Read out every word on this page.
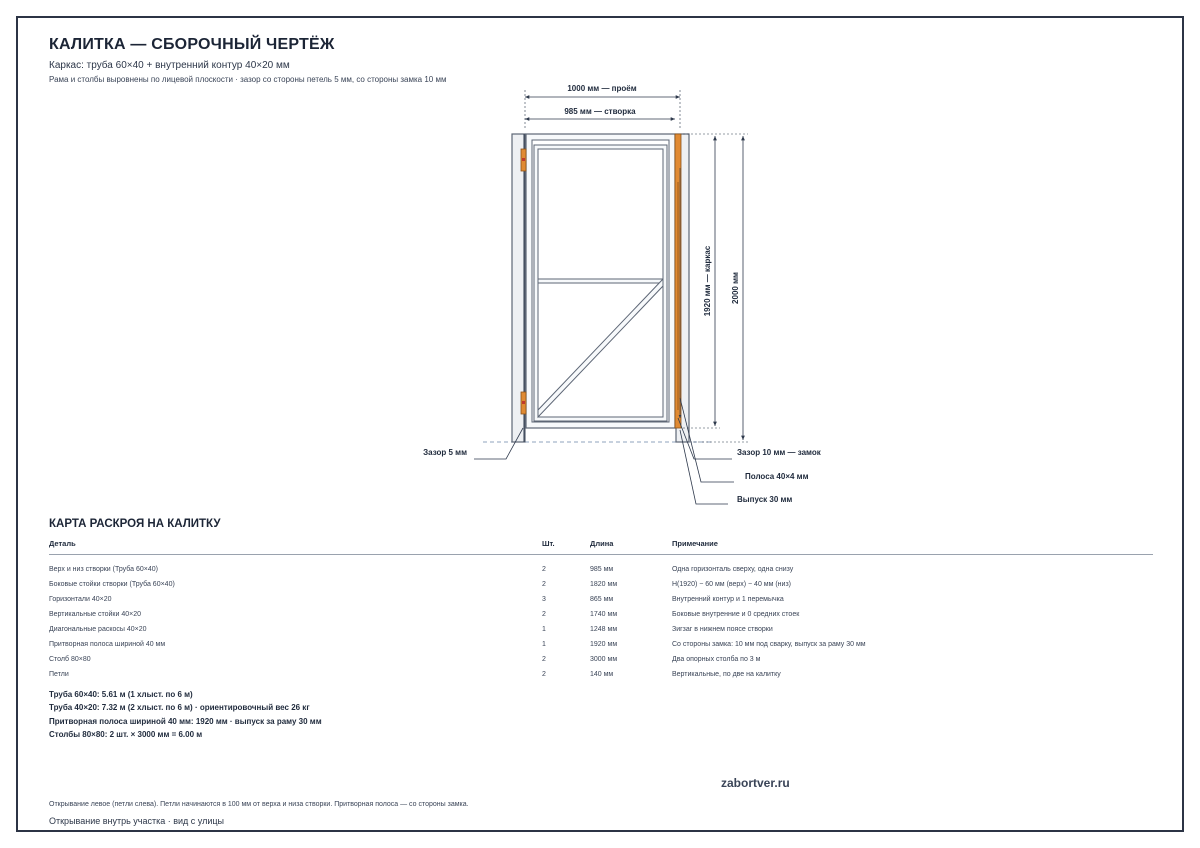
КАЛИТКА — СБОРОЧНЫЙ ЧЕРТЁЖ
Каркас: труба 60×40 + внутренний контур 40×20 мм
Рама и столбы выровнены по лицевой плоскости · зазор со стороны петель 5 мм, со стороны замка 10 мм
1000 мм — проём
985 мм — створка
1920 мм — каркас 2000 мм
Зазор 5 мм	Зазор 10 мм — замок
Полоса 40×4 мм
Выпуск 30 мм
КАРТА РАСКРОЯ НА КАЛИТКУ
Деталь	Шт.	Длина	Примечание

Верх и низ створки (Труба 60×40)	2	985 мм	Одна горизонталь сверху, одна снизу
Боковые стойки створки (Труба 60×40)	2	1820 мм	H(1920) − 60 мм (верх) − 40 мм (низ)
Горизонтали 40×20	3	865 мм	Внутренний контур и 1 перемычка
Вертикальные стойки 40×20	2	1740 мм	Боковые внутренние и 0 средних стоек
Диагональные раскосы 40×20	1	1248 мм	Зигзаг в нижнем поясе створки
Притворная полоса шириной 40 мм	1	1920 мм	Со стороны замка: 10 мм под сварку, выпуск за раму 30 мм
Столб 80×80	2	3000 мм	Два опорных столба по 3 м
Петли	2	140 мм	Вертикальные, по две на калитку
Труба 60×40: 5.61 м (1 хлыст. по 6 м)
Труба 40×20: 7.32 м (2 хлыст. по 6 м) · ориентировочный вес 26 кг
Притворная полоса шириной 40 мм: 1920 мм · выпуск за раму 30 мм
Столбы 80×80: 2 шт. × 3000 мм = 6.00 м
zabortver.ru
Открывание левое (петли слева). Петли начинаются в 100 мм от верха и низа створки. Притворная полоса — со стороны замка.
Открывание внутрь участка · вид с улицы
